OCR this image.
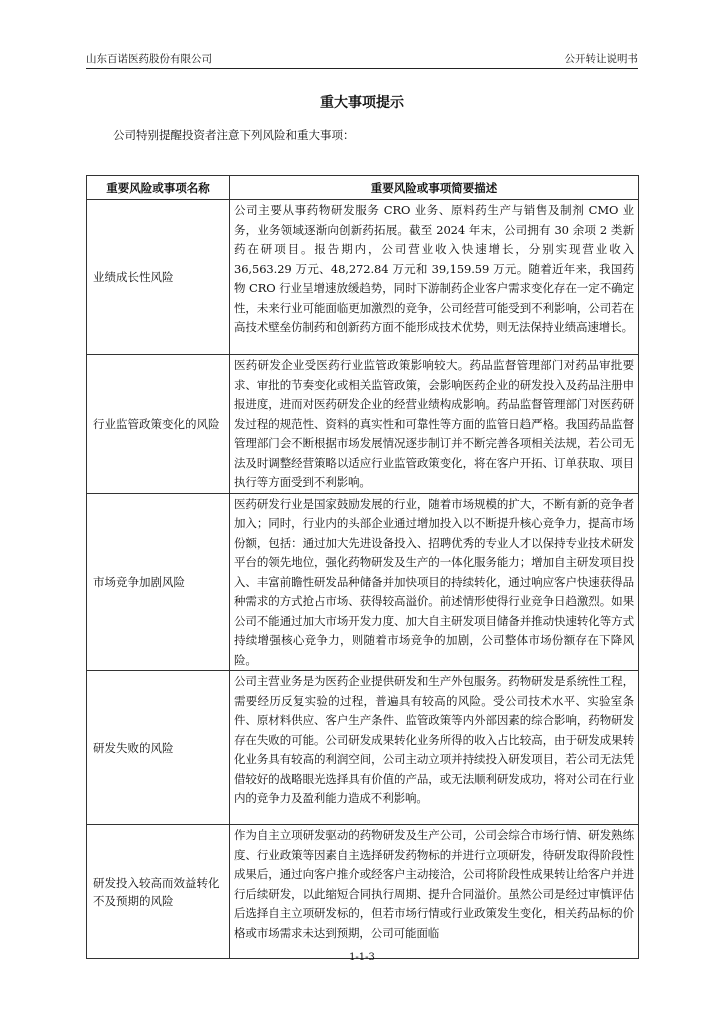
山东百诺医药股份有限公司	公开转让说明书
重大事项提示
公司特别提醒投资者注意下列风险和重大事项：
重要风险或事项名称	重要风险或事项简要描述
业绩成长性风险	公司主要从事药物研发服务 CRO 业务、原料药生产与销售及制剂 CMO 业务，业务领域逐渐向创新药拓展。截至 2024 年末，公司拥有 30 余项 2 类新药在研项目。报告期内，公司营业收入快速增长，分别实现营业收入 36,563.29 万元、48,272.84 万元和 39,159.59 万元。随着近年来，我国药物 CRO 行业呈增速放缓趋势，同时下游制药企业客户需求变化存在一定不确定性，未来行业可能面临更加激烈的竞争，公司经营可能受到不利影响，公司若在高技术壁垒仿制药和创新药方面不能形成技术优势，则无法保持业绩高速增长。
行业监管政策变化的风险	医药研发企业受医药行业监管政策影响较大。药品监督管理部门对药品审批要求、审批的节奏变化或相关监管政策，会影响医药企业的研发投入及药品注册申报进度，进而对医药研发企业的经营业绩构成影响。药品监督管理部门对医药研发过程的规范性、资料的真实性和可靠性等方面的监管日趋严格。我国药品监督管理部门会不断根据市场发展情况逐步制订并不断完善各项相关法规，若公司无法及时调整经营策略以适应行业监管政策变化，将在客户开拓、订单获取、项目执行等方面受到不利影响。
市场竞争加剧风险	医药研发行业是国家鼓励发展的行业，随着市场规模的扩大，不断有新的竞争者加入；同时，行业内的头部企业通过增加投入以不断提升核心竞争力，提高市场份额，包括：通过加大先进设备投入、招聘优秀的专业人才以保持专业技术研发平台的领先地位，强化药物研发及生产的一体化服务能力；增加自主研发项目投入、丰富前瞻性研发品种储备并加快项目的持续转化，通过响应客户快速获得品种需求的方式抢占市场、获得较高溢价。前述情形使得行业竞争日趋激烈。如果公司不能通过加大市场开发力度、加大自主研发项目储备并推动快速转化等方式持续增强核心竞争力，则随着市场竞争的加剧，公司整体市场份额存在下降风险。
研发失败的风险	公司主营业务是为医药企业提供研发和生产外包服务。药物研发是系统性工程，需要经历反复实验的过程，普遍具有较高的风险。受公司技术水平、实验室条件、原材料供应、客户生产条件、监管政策等内外部因素的综合影响，药物研发存在失败的可能。公司研发成果转化业务所得的收入占比较高，由于研发成果转化业务具有较高的利润空间，公司主动立项并持续投入研发项目，若公司无法凭借较好的战略眼光选择具有价值的产品，或无法顺利研发成功，将对公司在行业内的竞争力及盈利能力造成不利影响。
研发投入较高而效益转化不及预期的风险	作为自主立项研发驱动的药物研发及生产公司，公司会综合市场行情、研发熟练度、行业政策等因素自主选择研发药物标的并进行立项研发，待研发取得阶段性成果后，通过向客户推介或经客户主动接洽，公司将阶段性成果转让给客户并进行后续研发，以此缩短合同执行周期、提升合同溢价。虽然公司是经过审慎评估后选择自主立项研发标的，但若市场行情或行业政策发生变化，相关药品标的价格或市场需求未达到预期，公司可能面临
1-1-3
